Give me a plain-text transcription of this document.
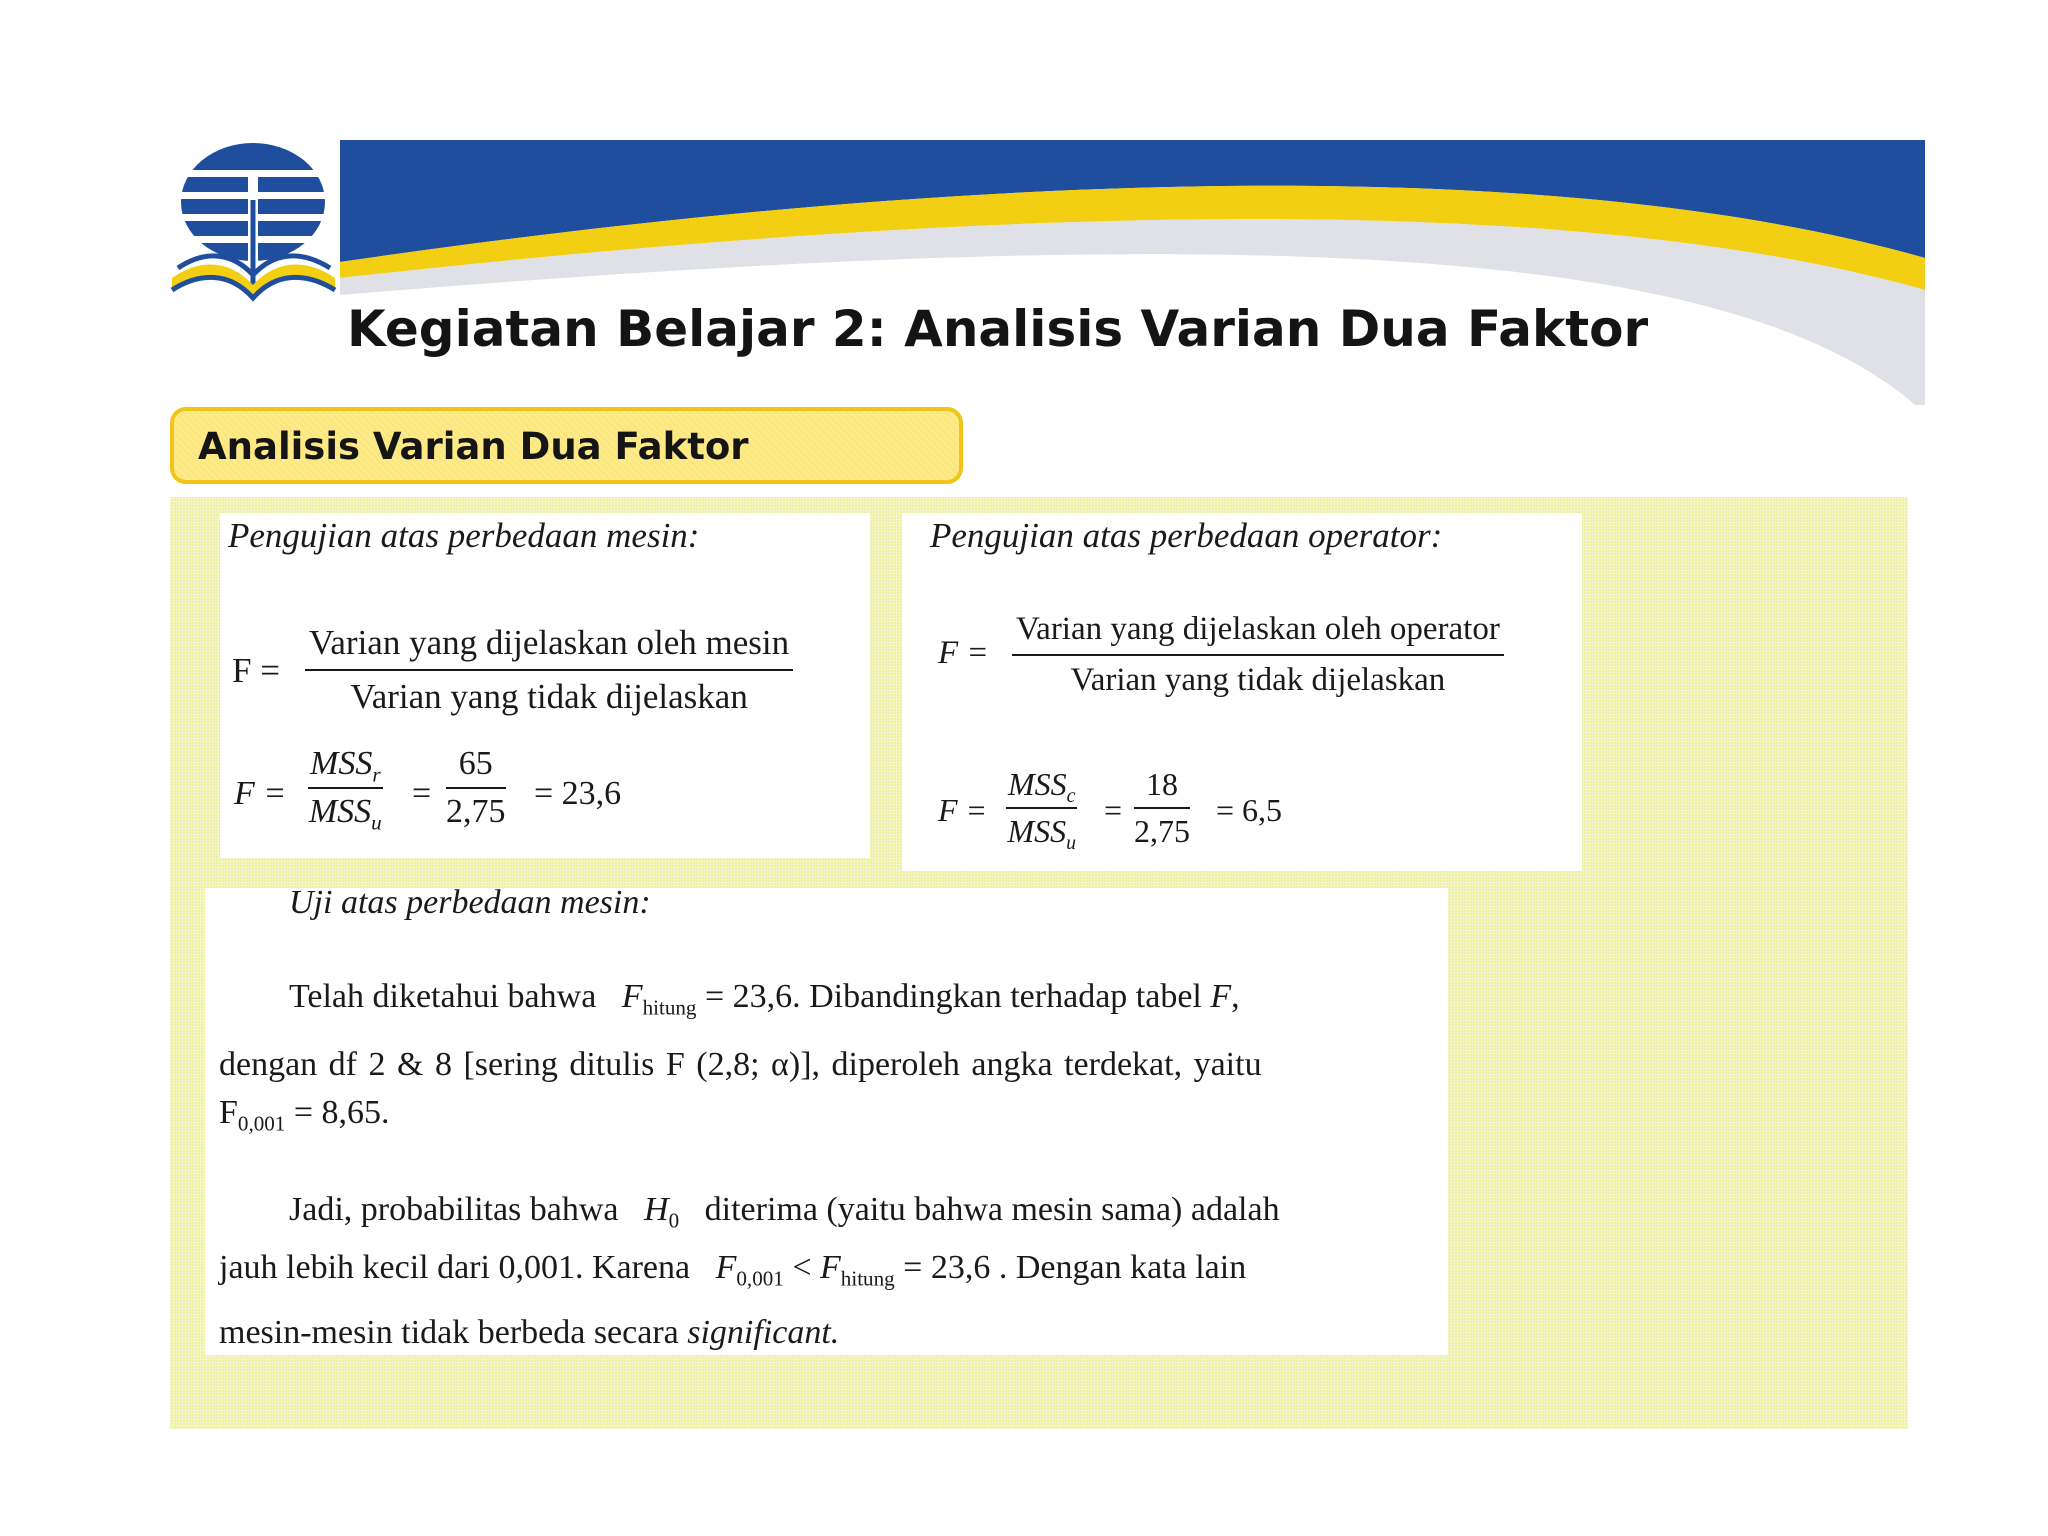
Kegiatan Belajar 2: Analisis Varian Dua Faktor
Analisis Varian Dua Faktor
Pengujian atas perbedaan mesin:
F =
Varian yang dijelaskan oleh mesin
Varian yang tidak dijelaskan
F =
$MSS_r$
$MSS_u$
=
65
2,75 = 23,6
Pengujian atas perbedaan operator:
F =
Varian yang dijelaskan oleh operator
Varian yang tidak dijelaskan
F =
$MSS_c$
$MSS_u$
=
18
2,75
= 6,5
Uji atas perbedaan mesin:
Telah diketahui bahwa $F_{hitung} = 23,6$. Dibandingkan terhadap tabel F,
dengan df 2 & 8 [sering ditulis F (2,8; α)], diperoleh angka terdekat, yaitu
$F_{0,001} = 8,65$.
Jadi, probabilitas bahwa $H_0$ diterima (yaitu bahwa mesin sama) adalah
jauh lebih kecil dari 0,001. Karena $F_{0,001} < F_{hitung} = 23,6$ . Dengan kata lain
mesin-mesin tidak berbeda secara significant.
